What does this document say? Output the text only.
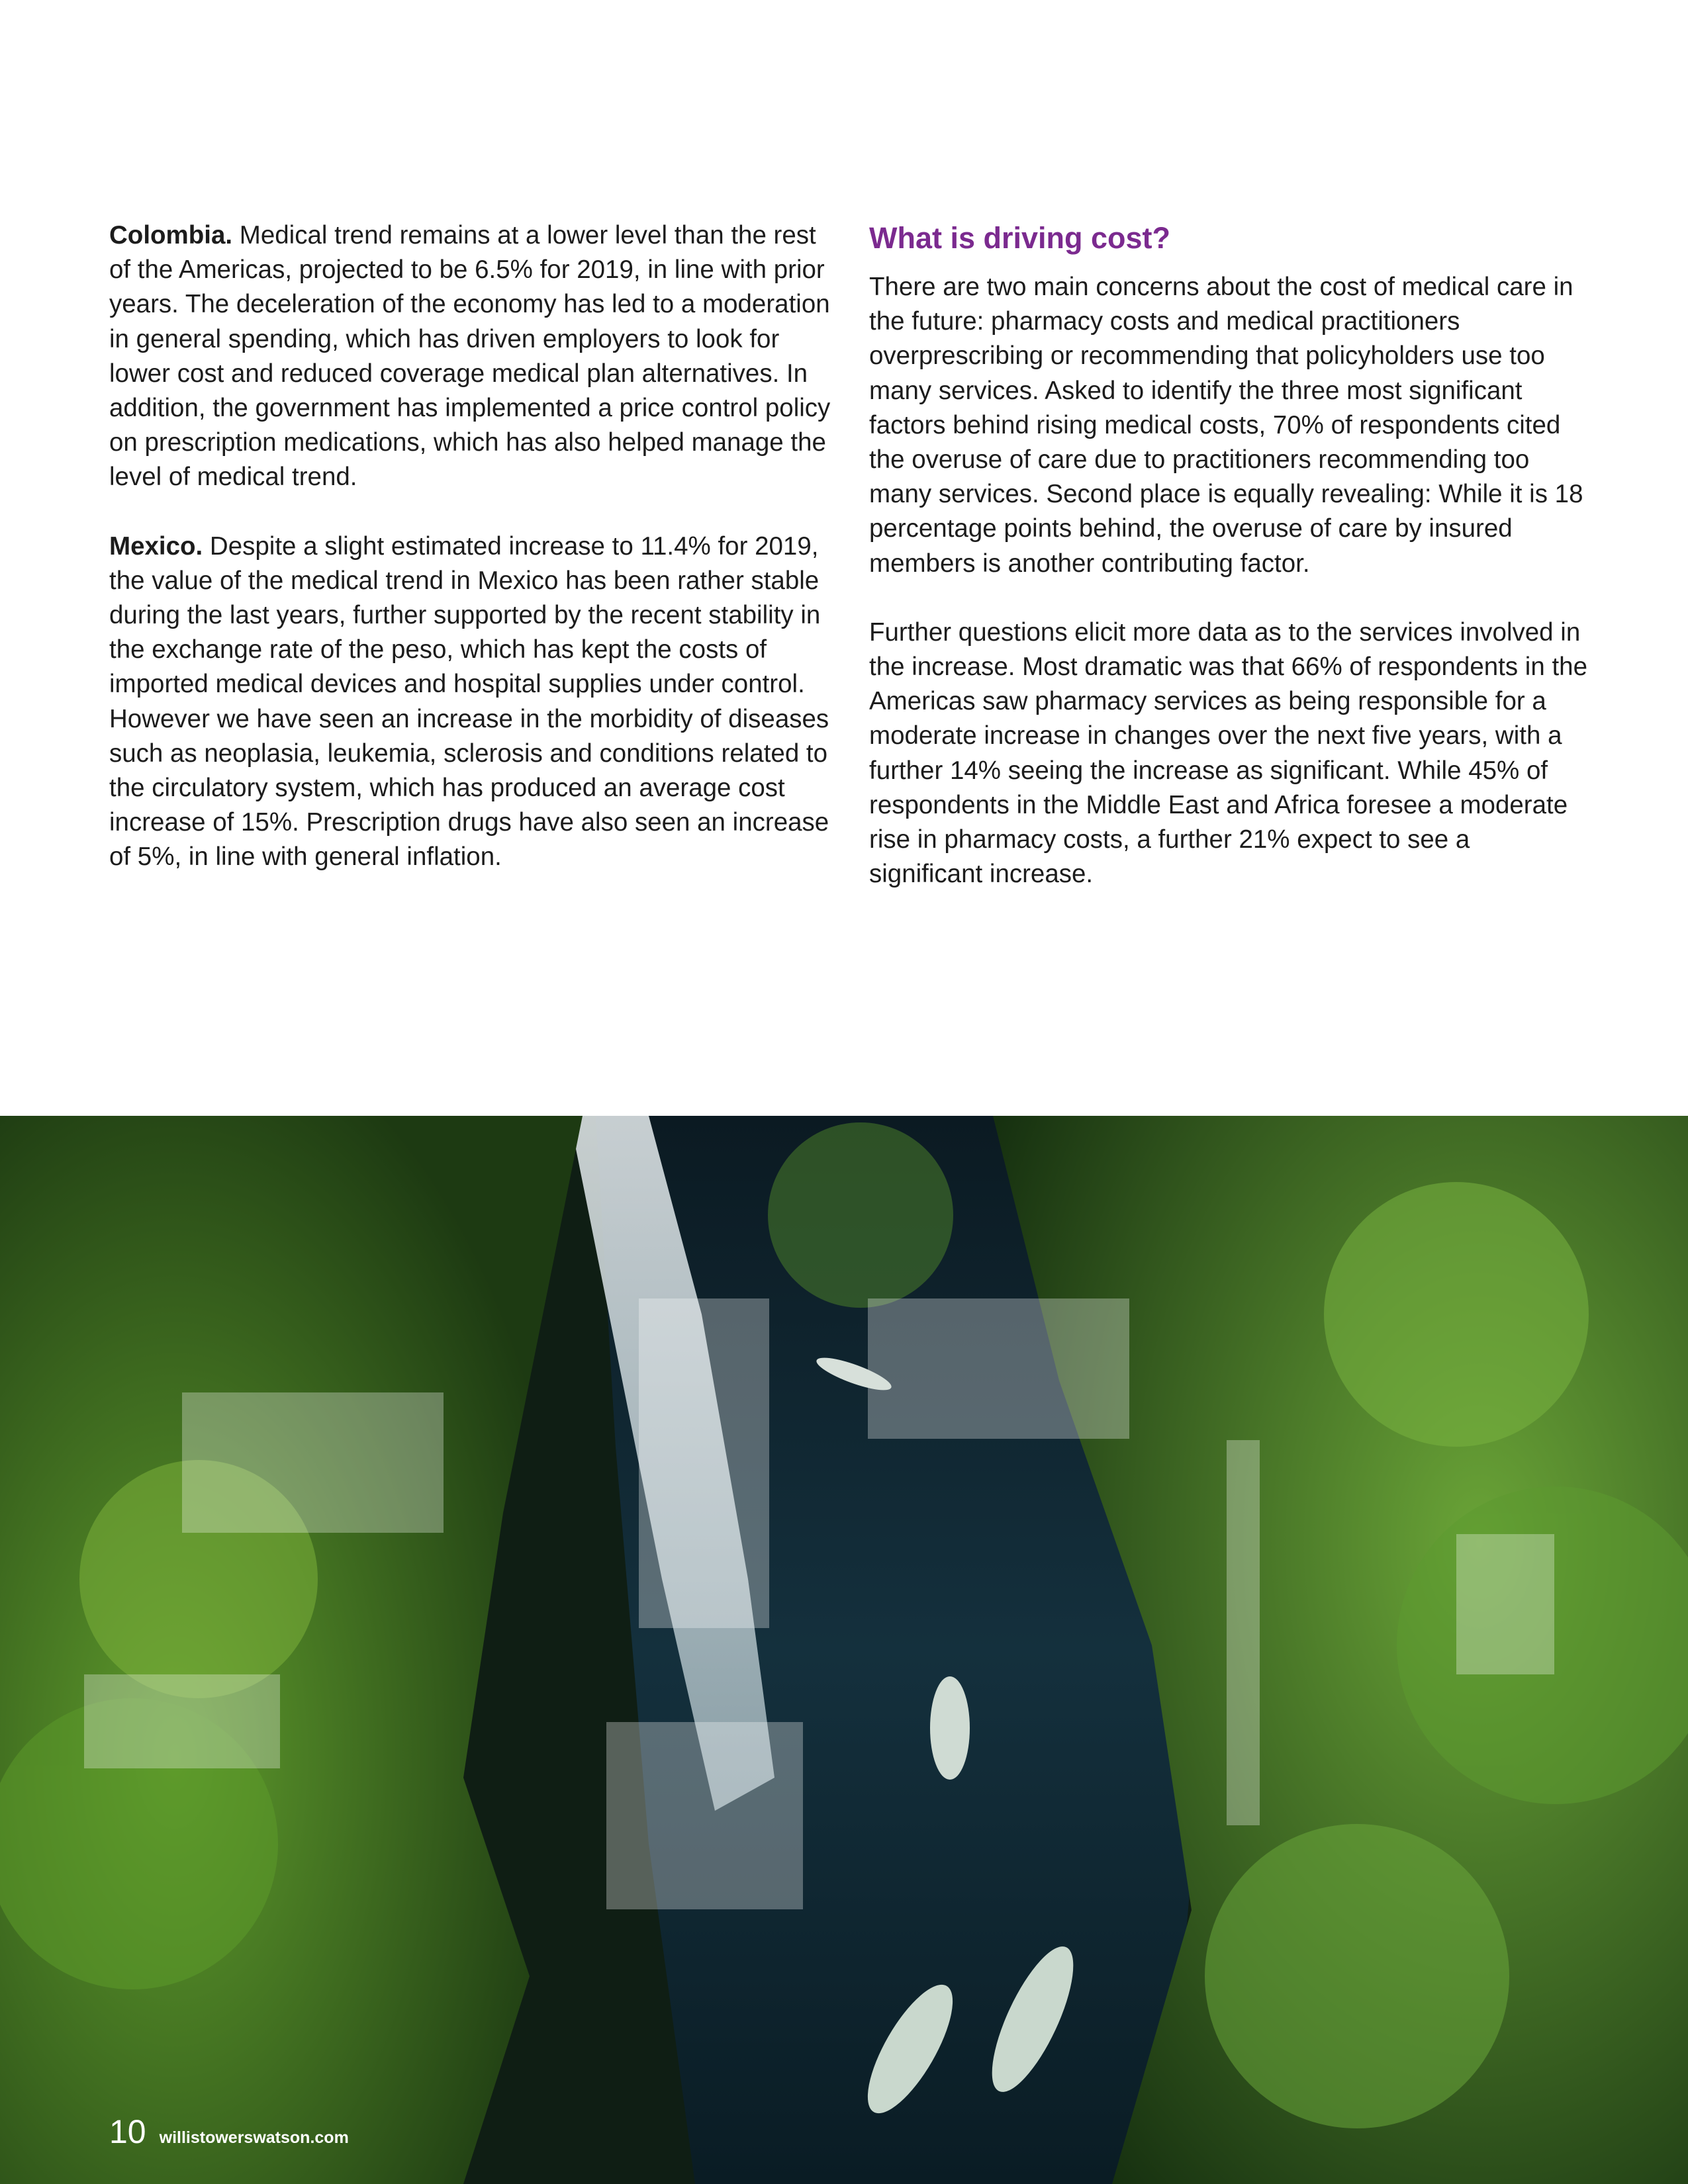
Colombia. Medical trend remains at a lower level than the rest of the Americas, projected to be 6.5% for 2019, in line with prior years. The deceleration of the economy has led to a moderation in general spending, which has driven employers to look for lower cost and reduced coverage medical plan alternatives. In addition, the government has implemented a price control policy on prescription medications, which has also helped manage the level of medical trend.

Mexico. Despite a slight estimated increase to 11.4% for 2019, the value of the medical trend in Mexico has been rather stable during the last years, further supported by the recent stability in the exchange rate of the peso, which has kept the costs of imported medical devices and hospital supplies under control. However we have seen an increase in the morbidity of diseases such as neoplasia, leukemia, sclerosis and conditions related to the circulatory system, which has produced an average cost increase of 15%. Prescription drugs have also seen an increase of 5%, in line with general inflation.

What is driving cost?

There are two main concerns about the cost of medical care in the future: pharmacy costs and medical practitioners overprescribing or recommending that policyholders use too many services. Asked to identify the three most significant factors behind rising medical costs, 70% of respondents cited the overuse of care due to practitioners recommending too many services. Second place is equally revealing: While it is 18 percentage points behind, the overuse of care by insured members is another contributing factor.

Further questions elicit more data as to the services involved in the increase. Most dramatic was that 66% of respondents in the Americas saw pharmacy services as being responsible for a moderate increase in changes over the next five years, with a further 14% seeing the increase as significant. While 45% of respondents in the Middle East and Africa foresee a moderate rise in pharmacy costs, a further 21% expect to see a significant increase.

10 willistowerswatson.com
